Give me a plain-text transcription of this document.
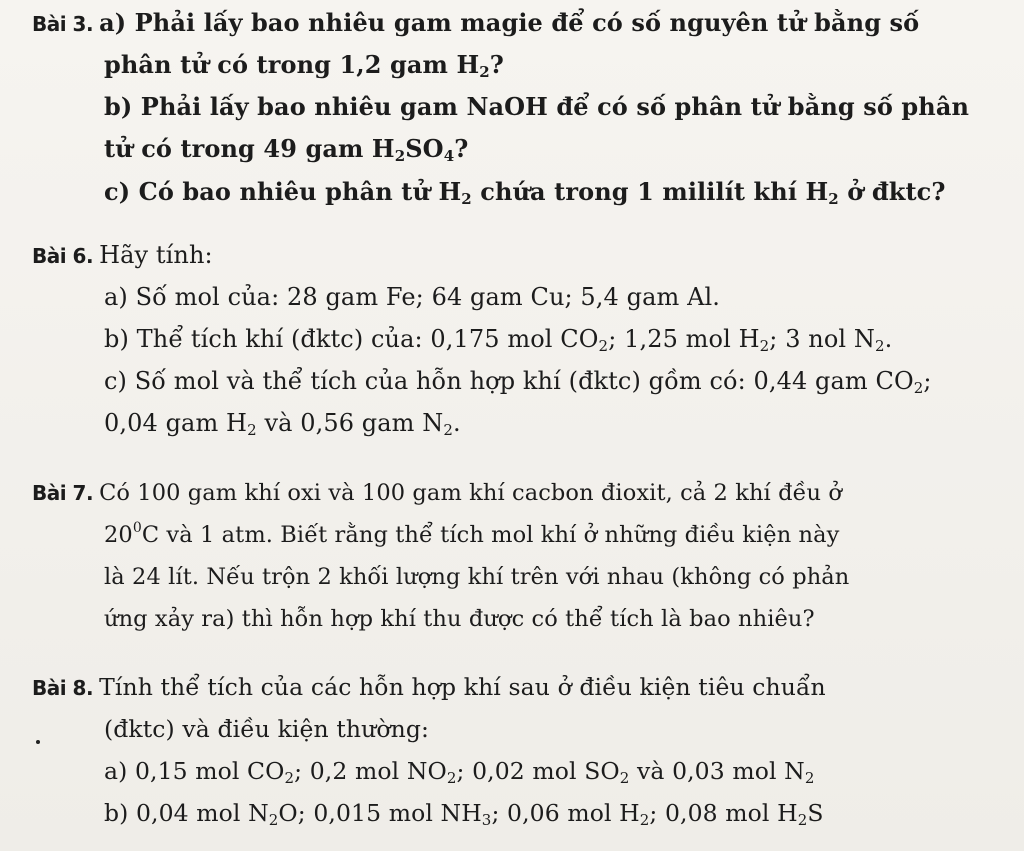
Bài 3. a) Phải lấy bao nhiêu gam magie để có số nguyên tử bằng số
phân tử có trong 1,2 gam $H_2$?
b) Phải lấy bao nhiêu gam NaOH để có số phân tử bằng số phân
tử có trong 49 gam $H_2SO_4$?
c) Có bao nhiêu phân tử $H_2$ chứa trong 1 mililít khí $H_2$ ở đktc?
Bài 6. Hãy tính:
a) Số mol của: 28 gam Fe; 64 gam Cu; 5,4 gam Al.
b) Thể tích khí (đktc) của: 0,175 mol $CO_2$; 1,25 mol $H_2$; 3 nol $N_2$.
c) Số mol và thể tích của hỗn hợp khí (đktc) gồm có: 0,44 gam $CO_2$;
0,04 gam $H_2$ và 0,56 gam $N_2$.
Bài 7. Có 100 gam khí oxi và 100 gam khí cacbon đioxit, cả 2 khí đều ở
$20^0C$ và 1 atm. Biết rằng thể tích mol khí ở những điều kiện này
là 24 lít. Nếu trộn 2 khối lượng khí trên với nhau (không có phản
ứng xảy ra) thì hỗn hợp khí thu được có thể tích là bao nhiêu?
Bài 8. Tính thể tích của các hỗn hợp khí sau ở điều kiện tiêu chuẩn
(đktc) và điều kiện thường:
a) 0,15 mol $CO_2$; 0,2 mol $NO_2$; 0,02 mol $SO_2$ và 0,03 mol $N_2$
b) 0,04 mol $N_2O$; 0,015 mol $NH_3$; 0,06 mol $H_2$; 0,08 mol $H_2S$
